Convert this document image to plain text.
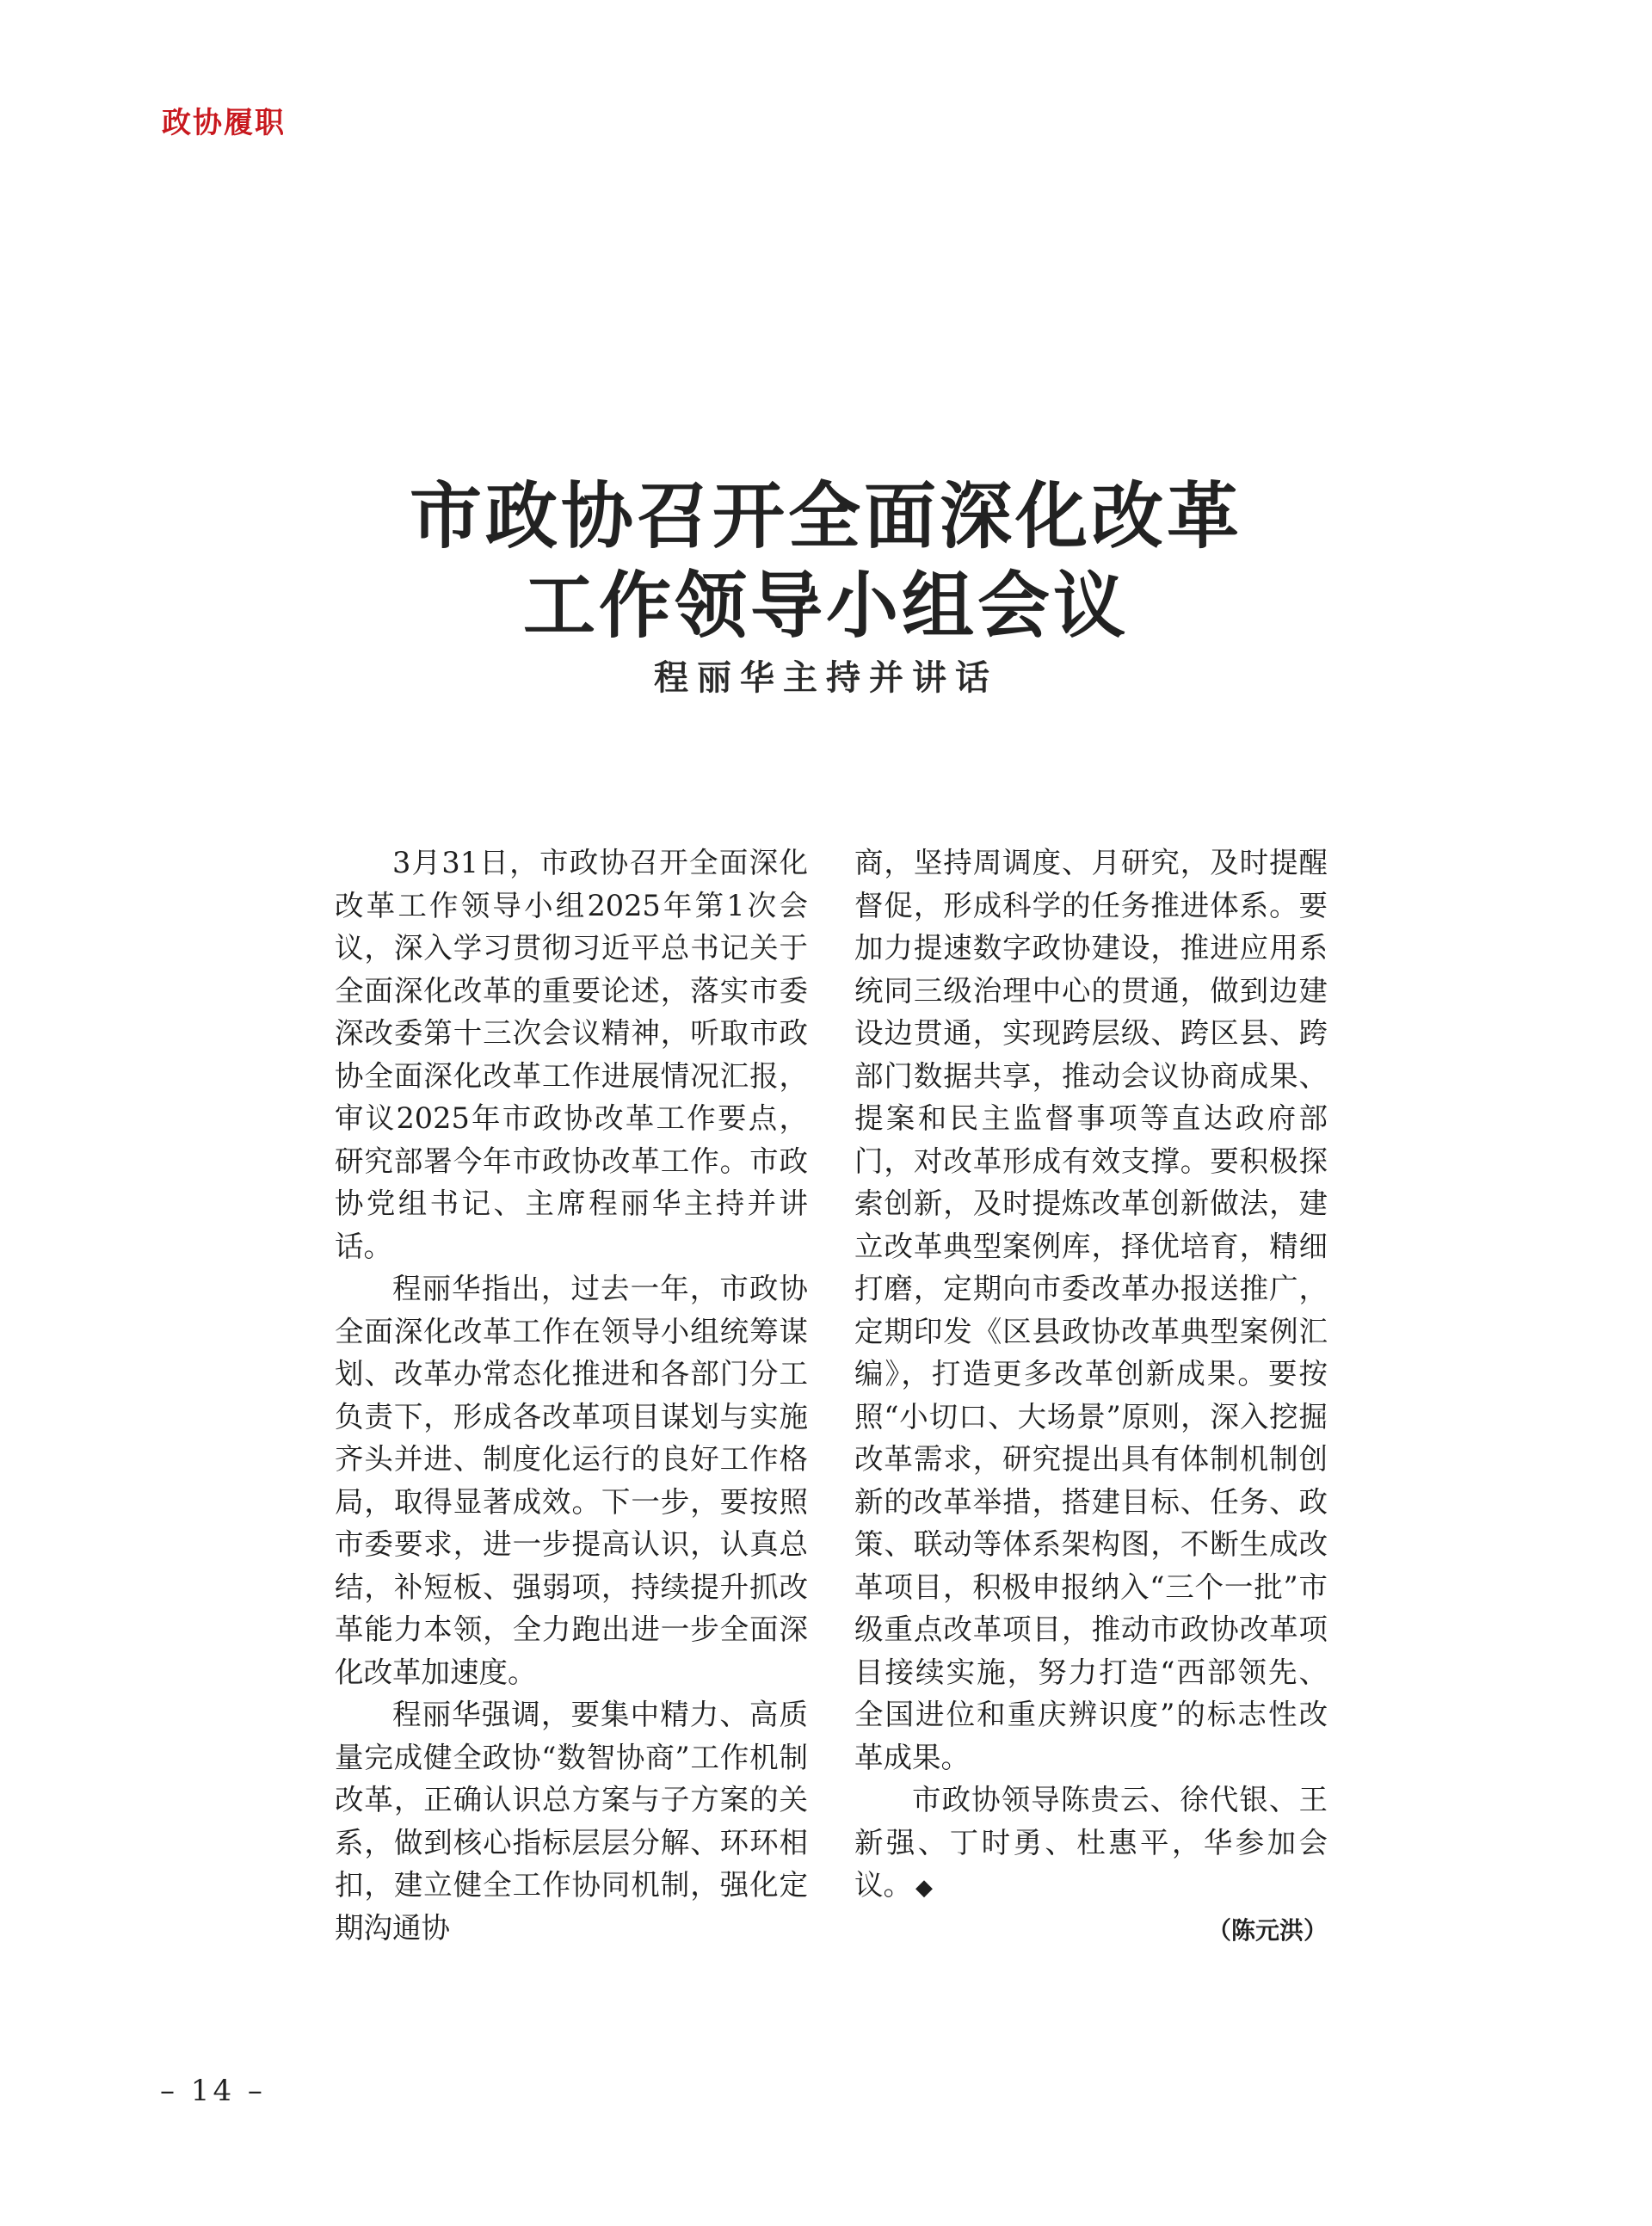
政协履职
市政协召开全面深化改革
工作领导小组会议
程丽华主持并讲话

3月31日，市政协召开全面深化改革工作领导小组2025年第1次会议，深入学习贯彻习近平总书记关于全面深化改革的重要论述，落实市委深改委第十三次会议精神，听取市政协全面深化改革工作进展情况汇报，审议2025年市政协改革工作要点，研究部署今年市政协改革工作。市政协党组书记、主席程丽华主持并讲话。

程丽华指出，过去一年，市政协全面深化改革工作在领导小组统筹谋划、改革办常态化推进和各部门分工负责下，形成各改革项目谋划与实施齐头并进、制度化运行的良好工作格局，取得显著成效。下一步，要按照市委要求，进一步提高认识，认真总结，补短板、强弱项，持续提升抓改革能力本领，全力跑出进一步全面深化改革加速度。

程丽华强调，要集中精力、高质量完成健全政协“数智协商”工作机制改革，正确认识总方案与子方案的关系，做到核心指标层层分解、环环相扣，建立健全工作协同机制，强化定期沟通协

商，坚持周调度、月研究，及时提醒督促，形成科学的任务推进体系。要加力提速数字政协建设，推进应用系统同三级治理中心的贯通，做到边建设边贯通，实现跨层级、跨区县、跨部门数据共享，推动会议协商成果、提案和民主监督事项等直达政府部门，对改革形成有效支撑。要积极探索创新，及时提炼改革创新做法，建立改革典型案例库，择优培育，精细打磨，定期向市委改革办报送推广，定期印发《区县政协改革典型案例汇编》，打造更多改革创新成果。要按照“小切口、大场景”原则，深入挖掘改革需求，研究提出具有体制机制创新的改革举措，搭建目标、任务、政策、联动等体系架构图，不断生成改革项目，积极申报纳入“三个一批”市级重点改革项目，推动市政协改革项目接续实施，努力打造“西部领先、全国进位和重庆辨识度”的标志性改革成果。

市政协领导陈贵云、徐代银、王新强、丁时勇、杜惠平，华参加会议。 ◆

（陈元洪）
– 14 –
